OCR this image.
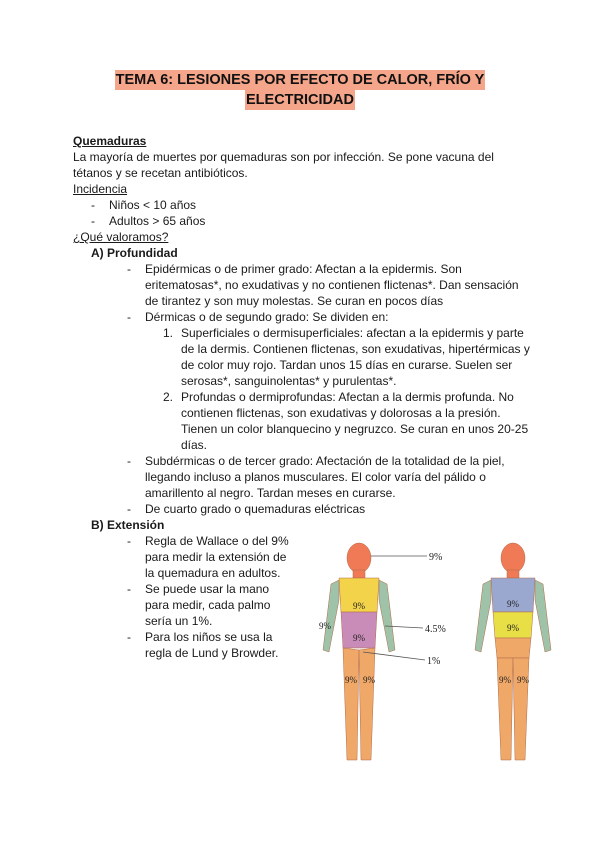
TEMA 6: LESIONES POR EFECTO DE CALOR, FRÍO Y
ELECTRICIDAD

Quemaduras

La mayoría de muertes por quemaduras son por infección. Se pone vacuna del tétanos y se recetan antibióticos.

Incidencia

- Niños < 10 años
- Adultos > 65 años

¿Qué valoramos?

A) Profundidad

- Epidérmicas o de primer grado: Afectan a la epidermis. Son eritematosas*, no exudativas y no contienen flictenas*. Dan sensación de tirantez y son muy molestas. Se curan en pocos días
- Dérmicas o de segundo grado: Se dividen en:
1. Superficiales o dermisuperficiales: afectan a la epidermis y parte de la dermis. Contienen flictenas, son exudativas, hipertérmicas y de color muy rojo. Tardan unos 15 días en curarse. Suelen ser serosas*, sanguinolentas* y purulentas*.
2. Profundas o dermiprofundas: Afectan a la dermis profunda. No contienen flictenas, son exudativas y dolorosas a la presión. Tienen un color blanquecino y negruzco. Se curan en unos 20-25 días.
- Subdérmicas o de tercer grado: Afectación de la totalidad de la piel, llegando incluso a planos musculares. El color varía del pálido o amarillento al negro. Tardan meses en curarse.
- De cuarto grado o quemaduras eléctricas

B) Extensión

- Regla de Wallace o del 9% para medir la extensión de la quemadura en adultos.
- Se puede usar la mano para medir, cada palmo sería un 1%.
- Para los niños se usa la regla de Lund y Browder.
9%
4.5%
1%
9%
9%
9%
9% 9%
9%
9%
9% 9%
